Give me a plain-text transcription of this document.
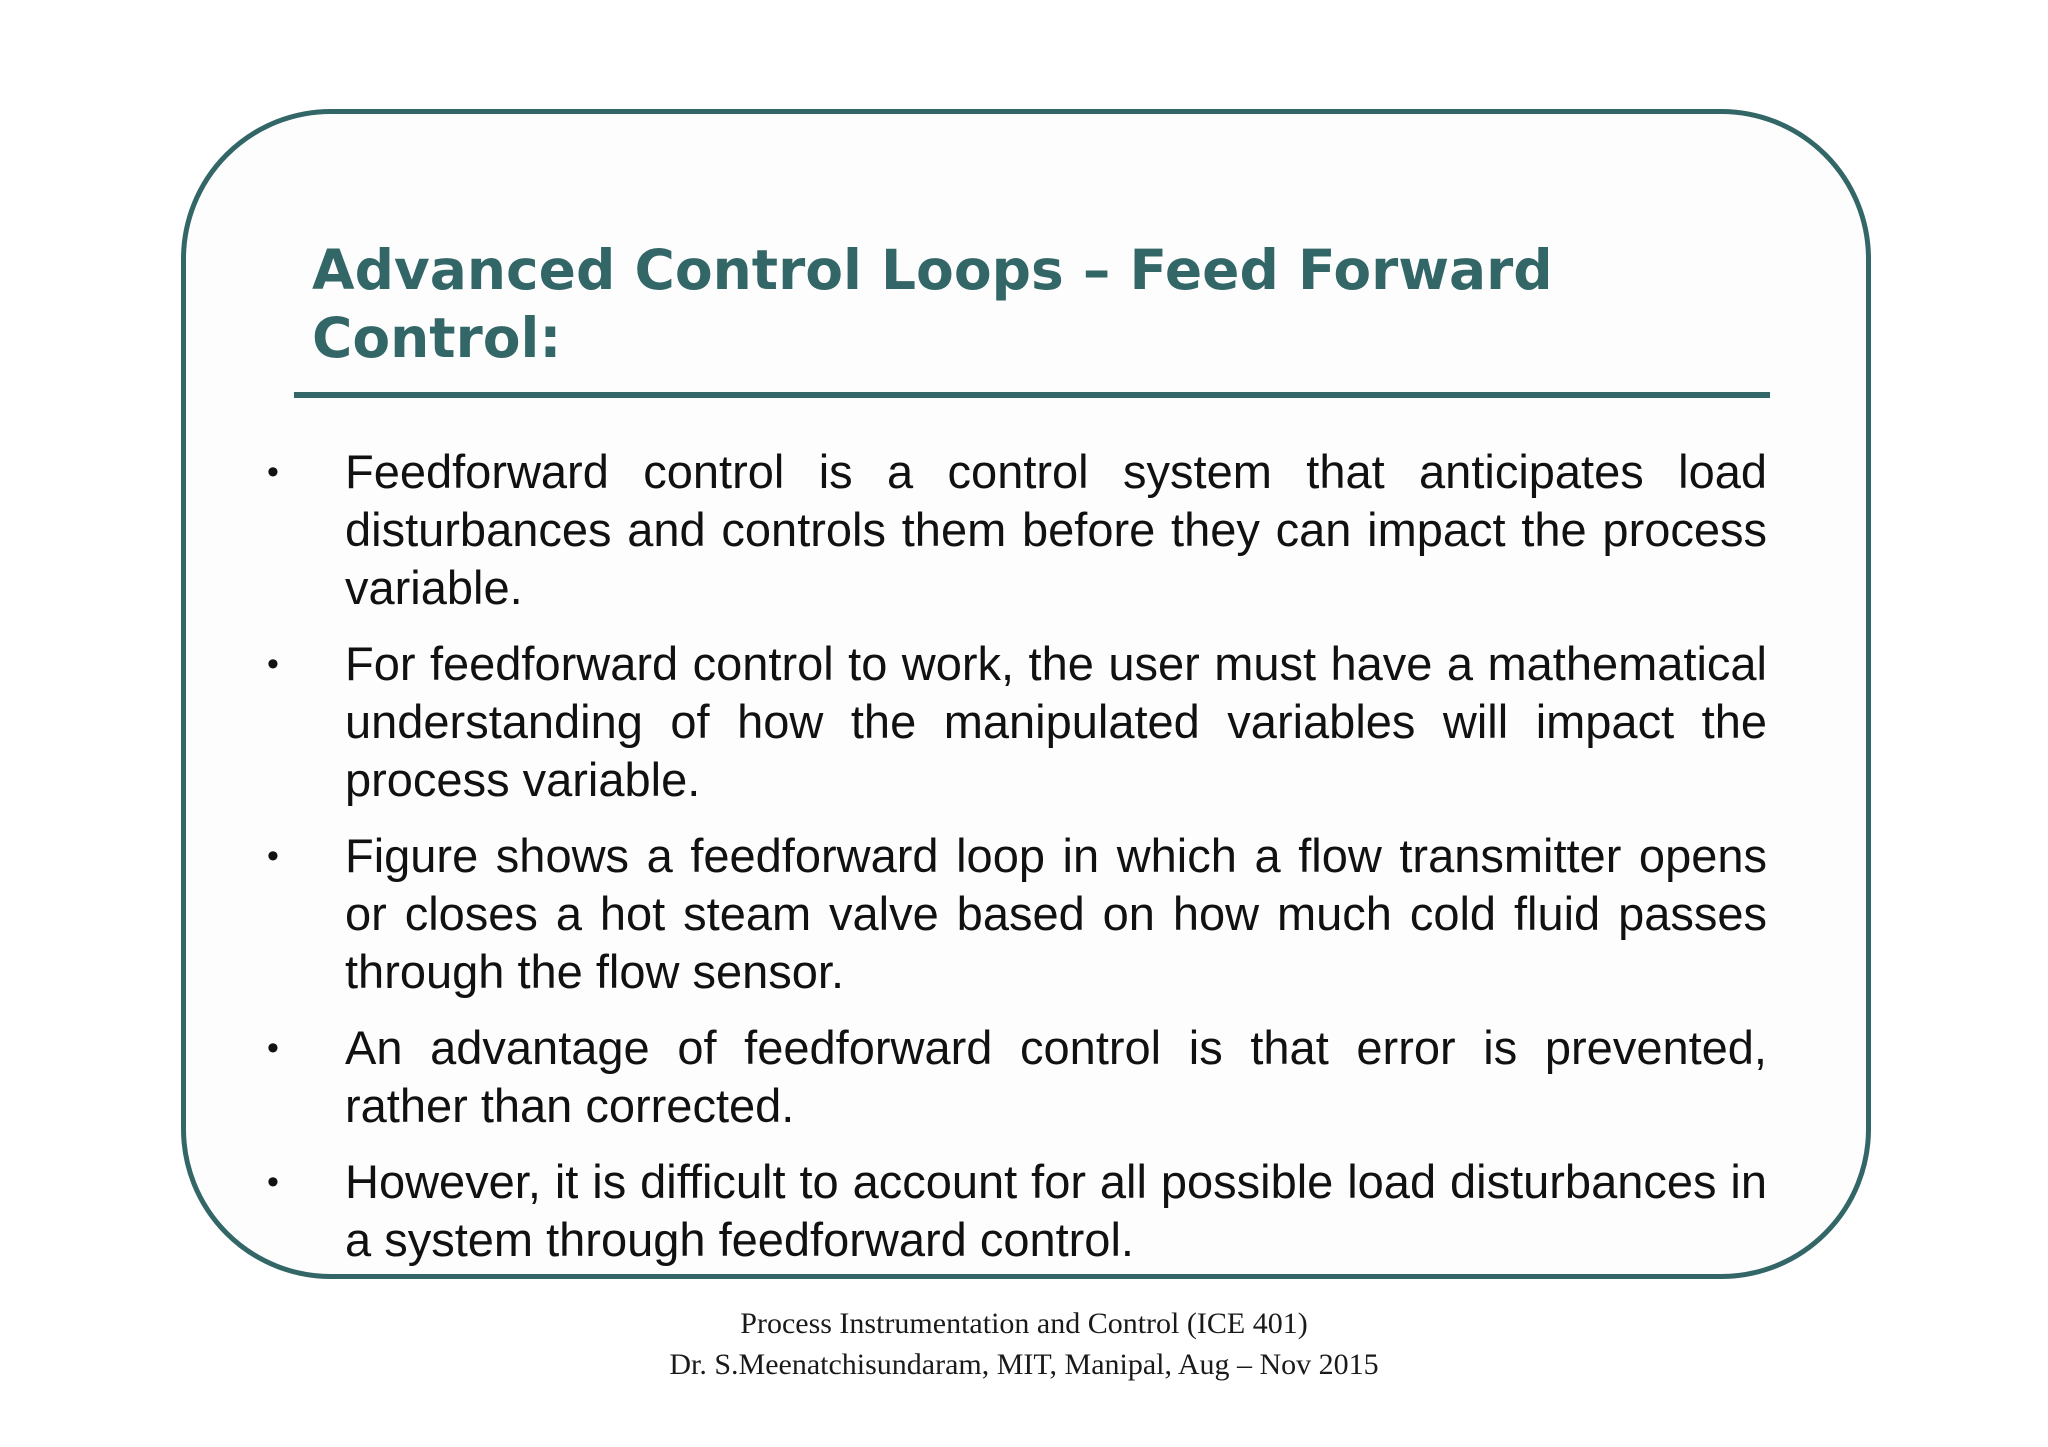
Advanced Control Loops – Feed Forward Control:
• Feedforward control is a control system that anticipates load disturbances and controls them before they can impact the process variable.
• For feedforward control to work, the user must have a mathematical understanding of how the manipulated variables will impact the process variable.
• Figure shows a feedforward loop in which a flow transmitter opens or closes a hot steam valve based on how much cold fluid passes through the flow sensor.
• An advantage of feedforward control is that error is prevented, rather than corrected.
• However, it is difficult to account for all possible load disturbances in a system through feedforward control.
Process Instrumentation and Control (ICE 401)
Dr. S.Meenatchisundaram, MIT, Manipal, Aug – Nov 2015
